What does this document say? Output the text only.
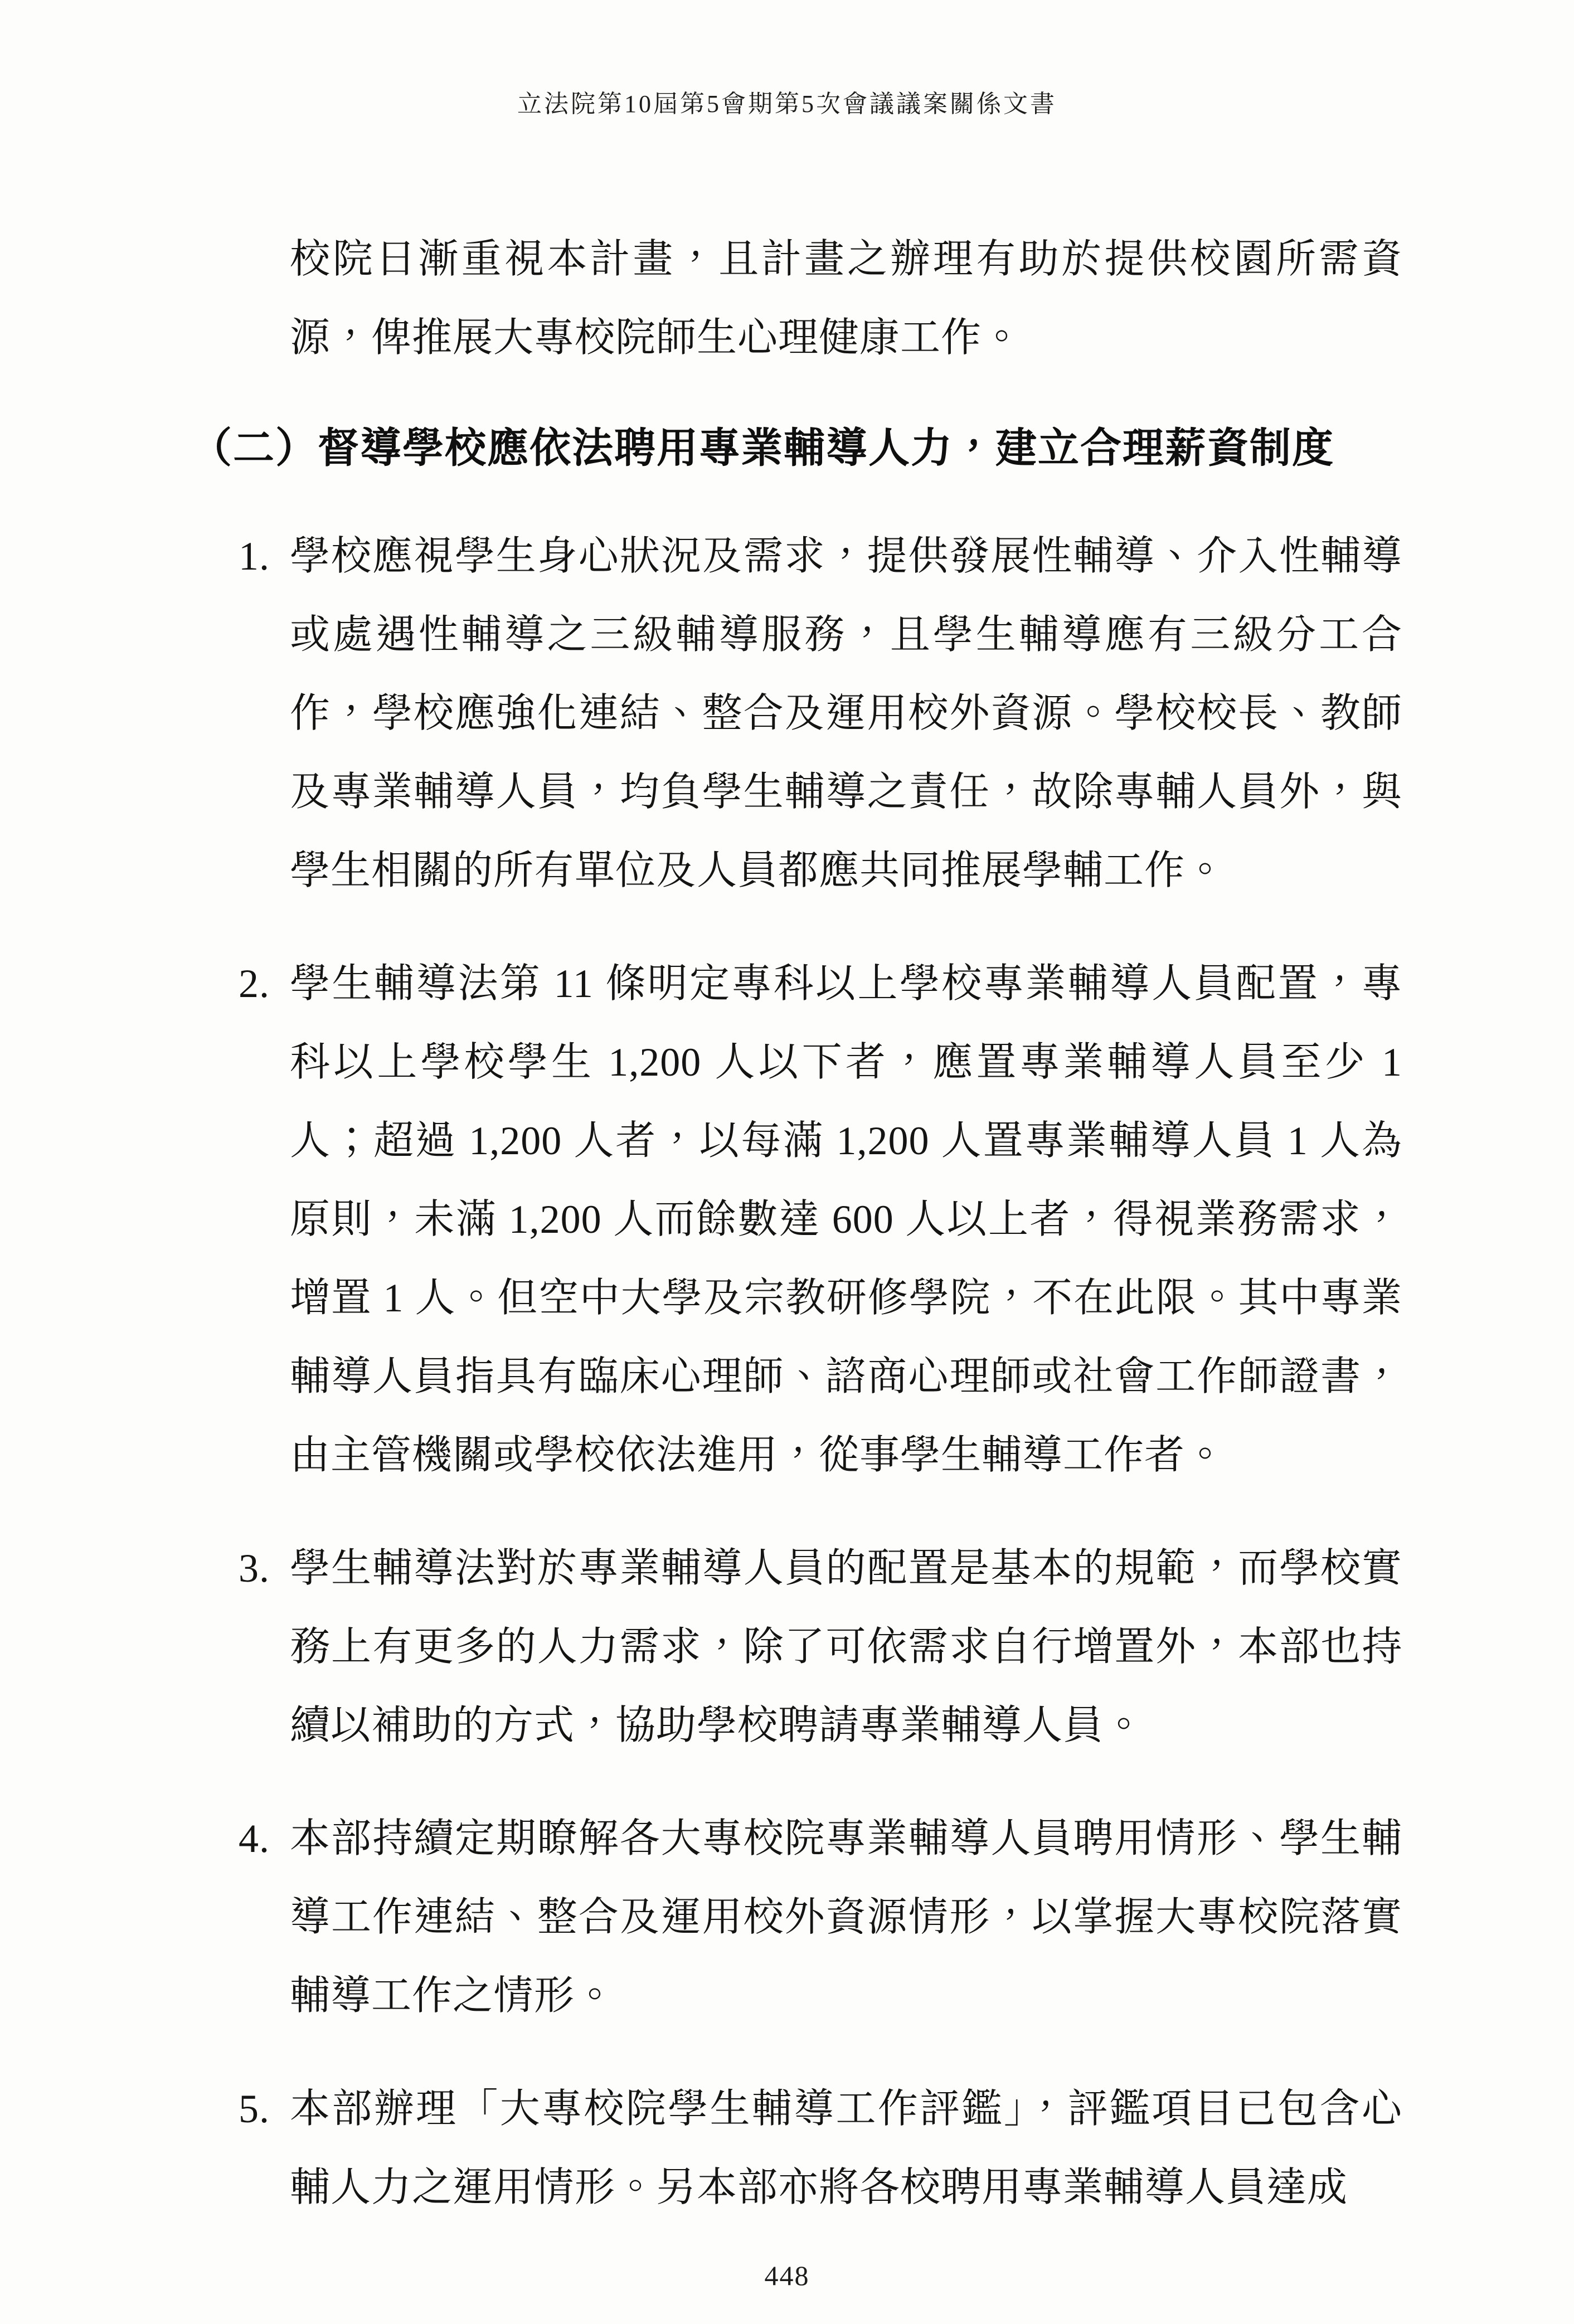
立法院第10屆第5會期第5次會議議案關係文書

校院日漸重視本計畫，且計畫之辦理有助於提供校園所需資源，俾推展大專校院師生心理健康工作。

（二）督導學校應依法聘用專業輔導人力，建立合理薪資制度
1. 學校應視學生身心狀況及需求，提供發展性輔導、介入性輔導或處遇性輔導之三級輔導服務，且學生輔導應有三級分工合作，學校應強化連結、整合及運用校外資源。學校校長、教師及專業輔導人員，均負學生輔導之責任，故除專輔人員外，與學生相關的所有單位及人員都應共同推展學輔工作。
2. 學生輔導法第 11 條明定專科以上學校專業輔導人員配置，專科以上學校學生 1,200 人以下者，應置專業輔導人員至少 1 人；超過 1,200 人者，以每滿 1,200 人置專業輔導人員 1 人為原則，未滿 1,200 人而餘數達 600 人以上者，得視業務需求，增置 1 人。但空中大學及宗教研修學院，不在此限。其中專業輔導人員指具有臨床心理師、諮商心理師或社會工作師證書，由主管機關或學校依法進用，從事學生輔導工作者。
3. 學生輔導法對於專業輔導人員的配置是基本的規範，而學校實務上有更多的人力需求，除了可依需求自行增置外，本部也持續以補助的方式，協助學校聘請專業輔導人員。
4. 本部持續定期瞭解各大專校院專業輔導人員聘用情形、學生輔導工作連結、整合及運用校外資源情形，以掌握大專校院落實輔導工作之情形。
5. 本部辦理「大專校院學生輔導工作評鑑」，評鑑項目已包含心輔人力之運用情形。另本部亦將各校聘用專業輔導人員達成
448
